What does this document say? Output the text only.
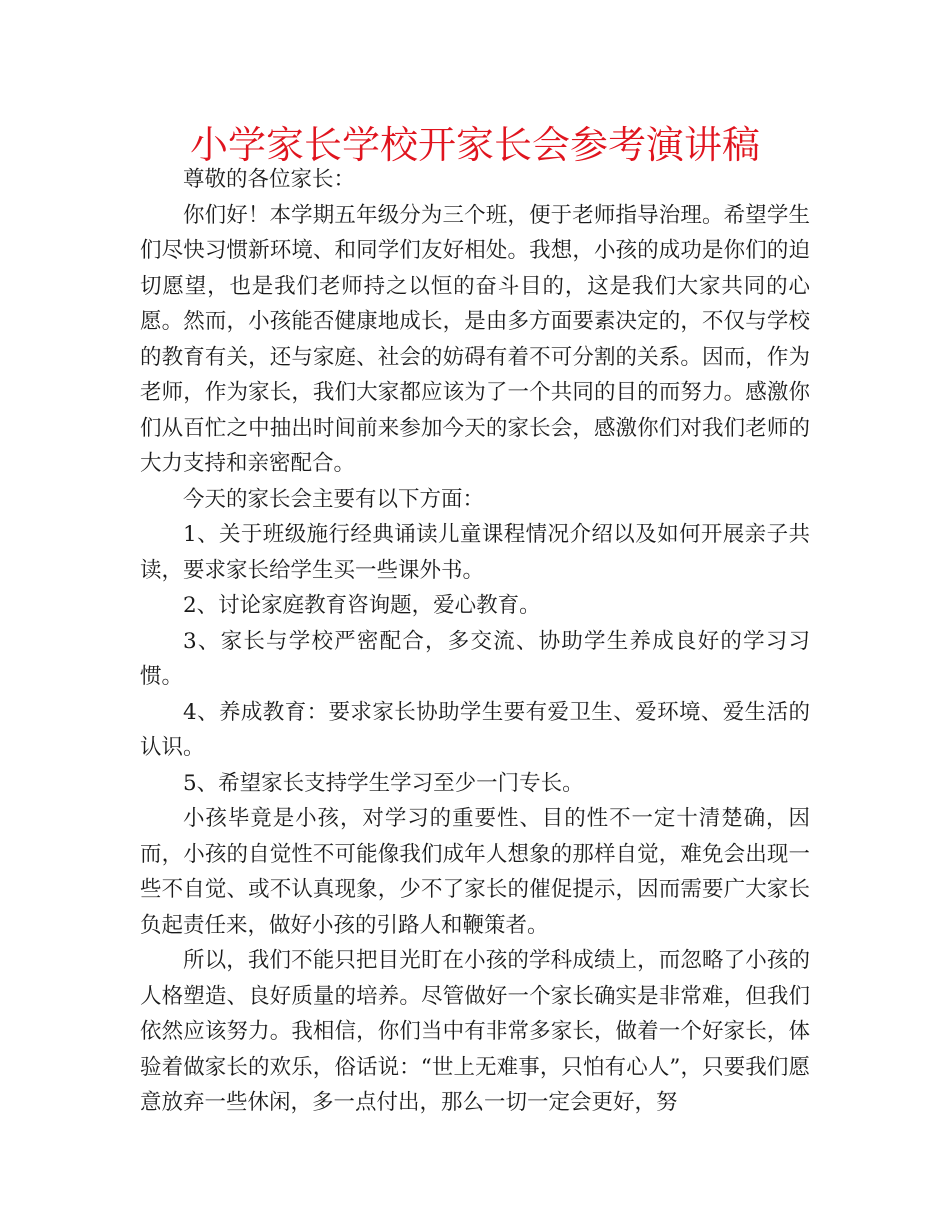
小学家长学校开家长会参考演讲稿

尊敬的各位家长：

你们好！本学期五年级分为三个班，便于老师指导治理。希望学生们尽快习惯新环境、和同学们友好相处。我想，小孩的成功是你们的迫切愿望，也是我们老师持之以恒的奋斗目的，这是我们大家共同的心愿。然而，小孩能否健康地成长，是由多方面要素决定的，不仅与学校的教育有关，还与家庭、社会的妨碍有着不可分割的关系。因而，作为老师，作为家长，我们大家都应该为了一个共同的目的而努力。感激你们从百忙之中抽出时间前来参加今天的家长会，感激你们对我们老师的大力支持和亲密配合。

今天的家长会主要有以下方面：

1、关于班级施行经典诵读儿童课程情况介绍以及如何开展亲子共读，要求家长给学生买一些课外书。

2、讨论家庭教育咨询题，爱心教育。

3、家长与学校严密配合，多交流、协助学生养成良好的学习习惯。

4、养成教育：要求家长协助学生要有爱卫生、爱环境、爱生活的认识。

5、希望家长支持学生学习至少一门专长。

小孩毕竟是小孩，对学习的重要性、目的性不一定十清楚确，因而，小孩的自觉性不可能像我们成年人想象的那样自觉，难免会出现一些不自觉、或不认真现象，少不了家长的催促提示，因而需要广大家长负起责任来，做好小孩的引路人和鞭策者。

所以，我们不能只把目光盯在小孩的学科成绩上，而忽略了小孩的人格塑造、良好质量的培养。尽管做好一个家长确实是非常难，但我们依然应该努力。我相信，你们当中有非常多家长，做着一个好家长，体验着做家长的欢乐，俗话说：“世上无难事，只怕有心人”，只要我们愿意放弃一些休闲，多一点付出，那么一切一定会更好，努
